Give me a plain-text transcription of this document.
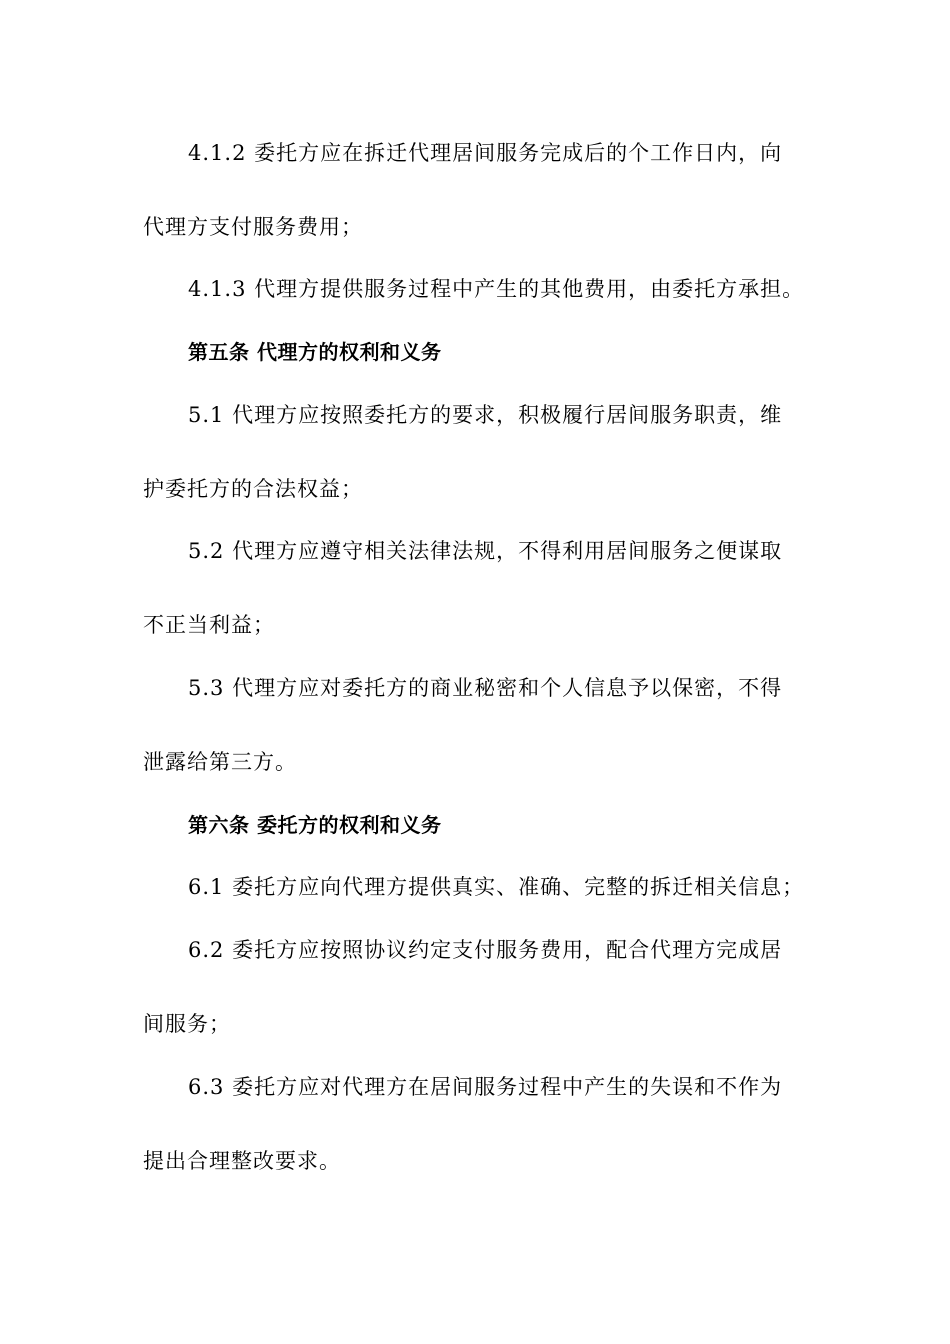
4.1.2 委托方应在拆迁代理居间服务完成后的个工作日内，向
代理方支付服务费用；
4.1.3 代理方提供服务过程中产生的其他费用，由委托方承担。
第五条 代理方的权利和义务
5.1 代理方应按照委托方的要求，积极履行居间服务职责，维
护委托方的合法权益；
5.2 代理方应遵守相关法律法规，不得利用居间服务之便谋取
不正当利益；
5.3 代理方应对委托方的商业秘密和个人信息予以保密，不得
泄露给第三方。
第六条 委托方的权利和义务
6.1 委托方应向代理方提供真实、准确、完整的拆迁相关信息；
6.2 委托方应按照协议约定支付服务费用，配合代理方完成居
间服务；
6.3 委托方应对代理方在居间服务过程中产生的失误和不作为
提出合理整改要求。
